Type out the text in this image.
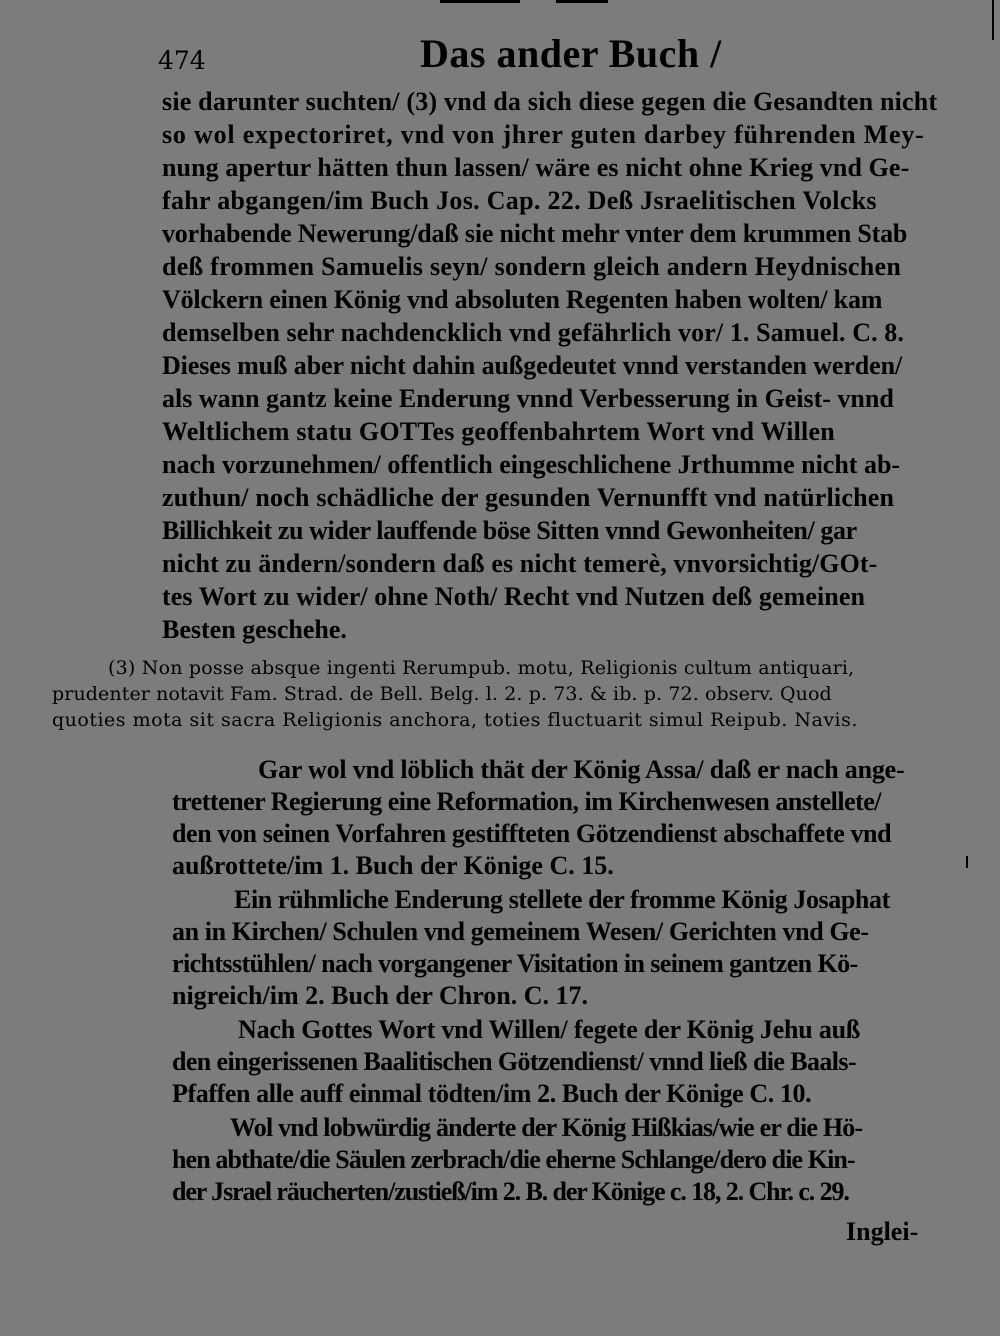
474	Das ander Buch /
sie darunter suchten/ (3) vnd da sich diese gegen die Gesandten nicht
so wol expectoriret, vnd von jhrer guten darbey führenden Mey-
nung apertur hätten thun lassen/ wäre es nicht ohne Krieg vnd Ge-
fahr abgangen/im Buch Jos. Cap. 22. Deß Jsraelitischen Volcks
vorhabende Newerung/daß sie nicht mehr vnter dem krummen Stab
deß frommen Samuelis seyn/ sondern gleich andern Heydnischen
Völckern einen König vnd absoluten Regenten haben wolten/ kam
demselben sehr nachdencklich vnd gefährlich vor/ 1. Samuel. C. 8.
Dieses muß aber nicht dahin außgedeutet vnnd verstanden werden/
als wann gantz keine Enderung vnnd Verbesserung in Geist- vnnd
Weltlichem statu GOTTes geoffenbahrtem Wort vnd Willen
nach vorzunehmen/ offentlich eingeschlichene Jrthumme nicht ab-
zuthun/ noch schädliche der gesunden Vernunfft vnd natürlichen
Billichkeit zu wider lauffende böse Sitten vnnd Gewonheiten/ gar
nicht zu ändern/sondern daß es nicht temerè, vnvorsichtig/GOt-
tes Wort zu wider/ ohne Noth/ Recht vnd Nutzen deß gemeinen
Besten geschehe.
(3) Non posse absque ingenti Rerumpub. motu, Religionis cultum antiquari,
prudenter notavit Fam. Strad. de Bell. Belg. l. 2. p. 73. & ib. p. 72. observ. Quod
quoties mota sit sacra Religionis anchora, toties fluctuarit simul Reipub. Navis.
Gar wol vnd löblich thät der König Assa/ daß er nach ange-
trettener Regierung eine Reformation, im Kirchenwesen anstellete/
den von seinen Vorfahren gestiffteten Götzendienst abschaffete vnd
außrottete/im 1. Buch der Könige C. 15.
Ein rühmliche Enderung stellete der fromme König Josaphat
an in Kirchen/ Schulen vnd gemeinem Wesen/ Gerichten vnd Ge-
richtsstühlen/ nach vorgangener Visitation in seinem gantzen Kö-
nigreich/im 2. Buch der Chron. C. 17.
Nach Gottes Wort vnd Willen/ fegete der König Jehu auß
den eingerissenen Baalitischen Götzendienst/ vnnd ließ die Baals-
Pfaffen alle auff einmal tödten/im 2. Buch der Könige C. 10.
Wol vnd lobwürdig änderte der König Hißkias/wie er die Hö-
hen abthate/die Säulen zerbrach/die eherne Schlange/dero die Kin-
der Jsrael räucherten/zustieß/im 2. B. der Könige c. 18, 2. Chr. c. 29.
Inglei-
